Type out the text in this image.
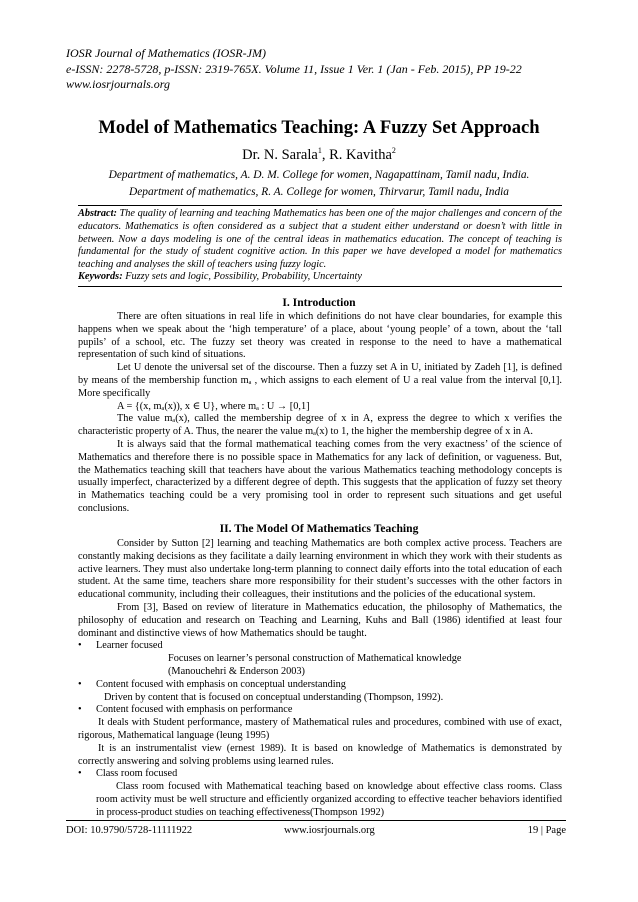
IOSR Journal of Mathematics (IOSR-JM)
e-ISSN: 2278-5728, p-ISSN: 2319-765X. Volume 11, Issue 1 Ver. 1 (Jan - Feb. 2015), PP 19-22
www.iosrjournals.org
Model of Mathematics Teaching: A Fuzzy Set Approach
Dr. N. Sarala$^1$, R. Kavitha$^2$
Department of mathematics, A. D. M. College for women, Nagapattinam, Tamil nadu, India.
Department of mathematics, R. A. College for women, Thirvarur, Tamil nadu, India
Abstract: The quality of learning and teaching Mathematics has been one of the major challenges and concern of the educators. Mathematics is often considered as a subject that a student either understand or doesn’t with little in between. Now a days modeling is one of the central ideas in mathematics education. The concept of teaching is fundamental for the study of student cognitive action. In this paper we have developed a model for mathematics teaching and analyses the skill of teachers using fuzzy logic.
Keywords: Fuzzy sets and logic, Possibility, Probability, Uncertainty
I. Introduction

There are often situations in real life in which definitions do not have clear boundaries, for example this happens when we speak about the ‘high temperature’ of a place, about ‘young people’ of a town, about the ‘tall pupils’ of a school, etc. The fuzzy set theory was created in response to the need to have a mathematical representation of such kind of situations.

Let U denote the universal set of the discourse. Then a fuzzy set A in U, initiated by Zadeh [1], is defined by means of the membership function mₐ , which assigns to each element of U a real value from the interval [0,1]. More specifically

A = {(x, mₐ(x)), x ∈ U}, where mₐ : U → [0,1]

The value mₐ(x), called the membership degree of x in A, express the degree to which x verifies the characteristic property of A. Thus, the nearer the value mₐ(x) to 1, the higher the membership degree of x in A.

It is always said that the formal mathematical teaching comes from the very exactness’ of the science of Mathematics and therefore there is no possible space in Mathematics for any lack of definition, or vagueness. But, the Mathematics teaching skill that teachers have about the various Mathematics teaching methodology concepts is usually imperfect, characterized by a different degree of depth. This suggests that the application of fuzzy set theory in Mathematics teaching could be a very promising tool in order to represent such situations and get useful conclusions.

II. The Model Of Mathematics Teaching

Consider by Sutton [2] learning and teaching Mathematics are both complex active process. Teachers are constantly making decisions as they facilitate a daily learning environment in which they work with their students as active learners. They must also undertake long-term planning to connect daily efforts into the total education of each student. At the same time, teachers share more responsibility for their student’s successes with the other factors in educational community, including their colleagues, their institutions and the policies of the educational system.

From [3], Based on review of literature in Mathematics education, the philosophy of Mathematics, the philosophy of education and research on Teaching and Learning, Kuhs and Ball (1986) identified at least four dominant and distinctive views of how Mathematics should be taught.

• Learner focused
Focuses on learner’s personal construction of Mathematical knowledge
(Manouchehri & Enderson 2003)
• Content focused with emphasis on conceptual understanding
Driven by content that is focused on conceptual understanding (Thompson, 1992).
• Content focused with emphasis on performance
It deals with Student performance, mastery of Mathematical rules and procedures, combined with use of exact, rigorous, Mathematical language (leung 1995)
It is an instrumentalist view (ernest 1989). It is based on knowledge of Mathematics is demonstrated by correctly answering and solving problems using learned rules.
• Class room focused
Class room focused with Mathematical teaching based on knowledge about effective class rooms. Class room activity must be well structure and efficiently organized according to effective teacher behaviors identified in process-product studies on teaching effectiveness(Thompson 1992)
DOI: 10.9790/5728-11111922	www.iosrjournals.org	19 | Page
